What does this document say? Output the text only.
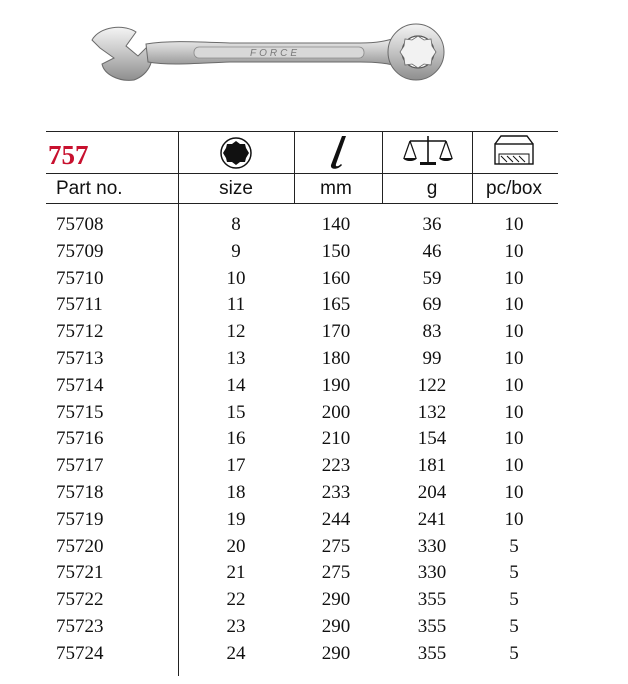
FORCE
757
Part no.	size	mm	g	pc/box
75708	8	140	36	10
75709	9	150	46	10
75710	10	160	59	10
75711	11	165	69	10
75712	12	170	83	10
75713	13	180	99	10
75714	14	190	122	10
75715	15	200	132	10
75716	16	210	154	10
75717	17	223	181	10
75718	18	233	204	10
75719	19	244	241	10
75720	20	275	330	5
75721	21	275	330	5
75722	22	290	355	5
75723	23	290	355	5
75724	24	290	355	5
